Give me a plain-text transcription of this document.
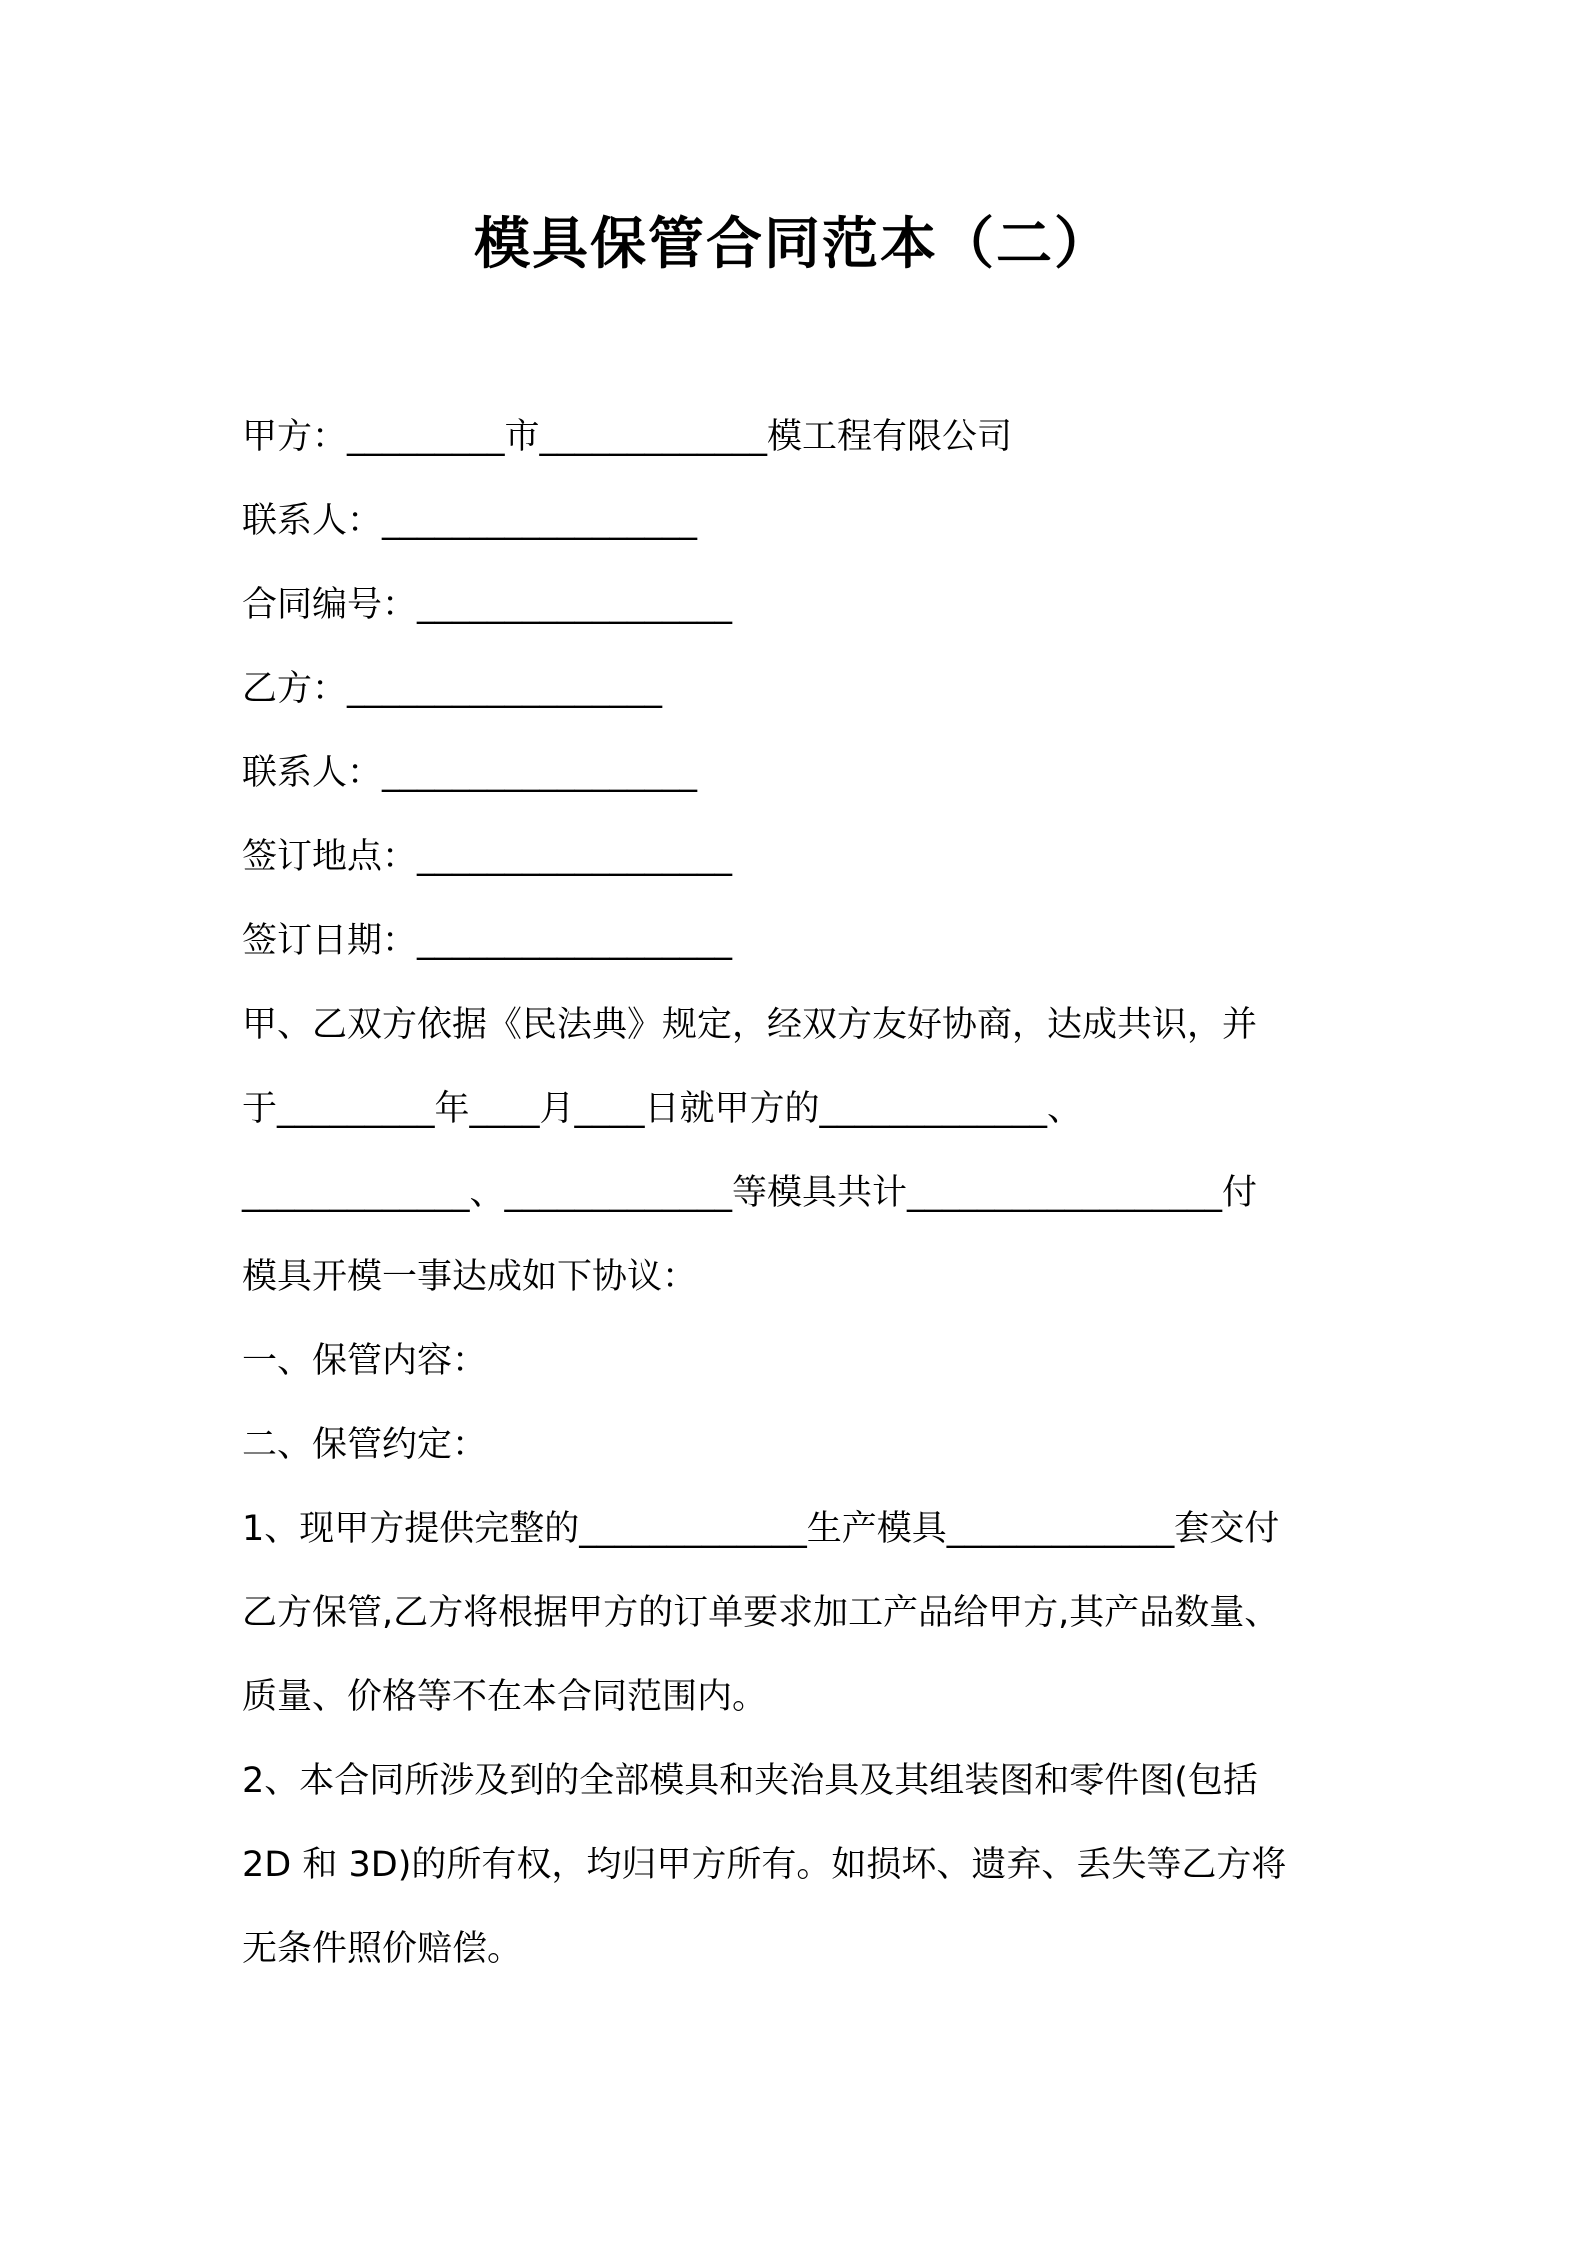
模具保管合同范本（二）
甲方：_________市_____________模工程有限公司
联系人：__________________
合同编号：__________________
乙方：__________________
联系人：__________________
签订地点：__________________
签订日期：__________________
甲、乙双方依据《民法典》规定，经双方友好协商，达成共识，并
于_________年____月____日就甲方的_____________、
_____________、_____________等模具共计__________________付
模具开模一事达成如下协议：
一、保管内容：
二、保管约定：
1、现甲方提供完整的_____________生产模具_____________套交付
乙方保管,乙方将根据甲方的订单要求加工产品给甲方,其产品数量、
质量、价格等不在本合同范围内。
2、本合同所涉及到的全部模具和夹治具及其组装图和零件图(包括
2D 和 3D)的所有权，均归甲方所有。如损坏、遗弃、丢失等乙方将
无条件照价赔偿。
